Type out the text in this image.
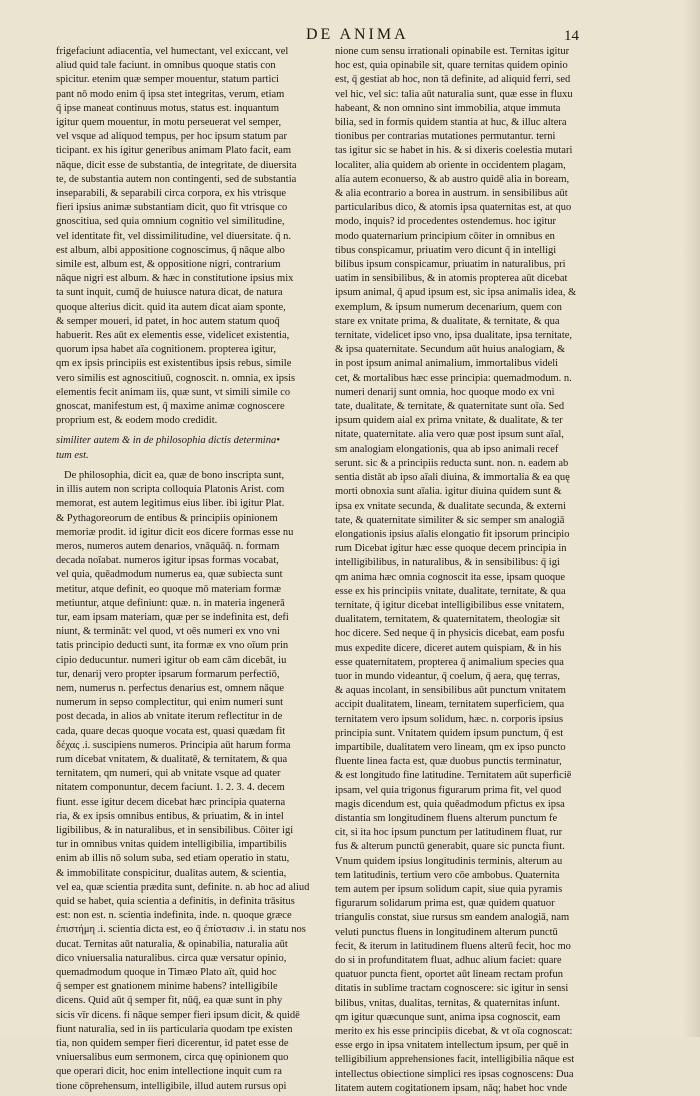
DE ANIMA	14
frigefaciunt adiacentia, vel humectant, vel exiccant, vel
aliud quid tale faciunt. in omnibus quoque statis con
spicitur. etenim quæ semper mouentur, statum partici
pant nō modo enim q̄ ipsa stet integritas, verum, etiam
q̄ ipse maneat continuus motus, status est. inquantum
igitur quem mouentur, in motu perseuerat vel semper,
vel vsque ad aliquod tempus, per hoc ipsum statum par
ticipant. ex his igitur generibus animam Plato facit, eam
nāque, dicit esse de substantia, de integritate, de diuersita
te, de substantia autem non contingenti, sed de substantia
inseparabili, & separabili circa corpora, ex his vtrisque
fieri ipsius animæ substantiam dicit, quo fit vtrisque co
gnoscitiua, sed quia omnium cognitio vel similitudine,
vel identitate fit, vel dissimilitudine, vel diuersitate. q̄ n.
est album, albi appositione cognoscimus, q̄ nāque albo
simile est, album est, & oppositione nigri, contrarium
nāque nigri est album. & hæc in constitutione ipsius mix
ta sunt inquit, cumq̄ de huiusce natura dicat, de natura
quoque alterius dicit. quid ita autem dicat aiam sponte,
& semper moueri, id patet, in hoc autem statum quoq̄
habuerit. Res aūt ex elementis esse, videlicet existentia,
quorum ipsa habet aīa cognitionem. propterea igitur,
qm ex ipsis principiis est existentibus ipsis rebus, simile
vero similis est agnoscitiuū, cognoscit. n. omnia, ex ipsis
elementis fecit animam iis, quæ sunt, vt simili simile co
gnoscat, manifestum est, q̄ maxime animæ cognoscere
proprium est, & eodem modo credidit.
similiter autem & in de philosophia dictis determina•
tum est.
De philosophia, dicit ea, quæ de bono inscripta sunt,
in illis autem non scripta colloquia Platonis Arist. com
memorat, est autem legitimus eius liber. ibi igitur Plat.
& Pythagoreorum de entibus & principiis opinionem
memoriæ prodit. id igitur dicit eos dicere formas esse nu
meros, numeros autem denarios, vnāquāq̄. n. formam
decada noīabat. numeros igitur ipsas formas vocabat,
vel quia, quēadmodum numerus ea, quæ subiecta sunt
metitur, atque definit, eo quoque mō materiam formæ
metiuntur, atque definiunt: quæ. n. in materia ingenerā
tur, eam ipsam materiam, quæ per se indefinita est, defi
niunt, & termināt: vel quod, vt oēs numeri ex vno vni
tatis principio deducti sunt, ita formæ ex vno oīum prin
cipio deducuntur. numeri igitur ob eam cām dicebāt, iu
tur, denarij vero propter ipsarum formarum perfectiō,
nem, numerus n. perfectus denarius est, omnem nāque
numerum in sepso complectitur, qui enim numeri sunt
post decada, in alios ab vnitate iterum reflectitur in de
cada, quare decas quoque vocata est, quasi quædam fit
δέχας .i. suscipiens numeros. Principia aūt harum forma
rum dicebat vnitatem, & dualitatē, & ternitatem, & qua
ternitatem, qm numeri, qui ab vnitate vsque ad quater
nitatem componuntur, decem faciunt. 1. 2. 3. 4. decem
fiunt. esse igitur decem dicebat hæc principia quaterna
ria, & ex ipsis omnibus entibus, & priuatim, & in intel
ligibilibus, & in naturalibus, et in sensibilibus. Cōiter igi
tur in omnibus vnitas quidem intelligibilia, impartibilis
enim ab illis nō solum suba, sed etiam operatio in statu,
& immobilitate conspicitur, dualitas autem, & scientia,
vel ea, quæ scientia prædita sunt, definite. n. ab hoc ad aliud
quid se habet, quia scientia a definitis, in definita trāsitus
est: non est. n. scientia indefinita, inde. n. quoque græce
ἐπιστήμη .i. scientia dicta est, eo q̄ ἐπίστασιν .i. in statu nos
ducat. Ternitas aūt naturalia, & opinabilia, naturalia aūt
dico vniuersalia naturalibus. circa quæ versatur opinio,
quemadmodum quoque in Timæo Plato aït, quid hoc
q̄ semper est gnationem minime habens? intelligibile
dicens. Quid aūt q̄ semper fit, nūq̄, ea quæ sunt in phy
sicis vīr dicens. fi nāque semper fieri ipsum dicit, & quidē
fiunt naturalia, sed in iis particularia quodam tpe existen
tia, non quidem semper fieri dicerentur, id patet esse de
vniuersalibus eum sermonem, circa quę opinionem quo
que operari dicit, hoc enim intellectione inquit cum ra
tione cōprehensum, intelligibile, illud autem rursus opi
nione cum sensu irrationali opinabile est. Ternitas igitur
hoc est, quia opinabile sit, quare ternitas quidem opinio
est, q̄ gestiat ab hoc, non tā definite, ad aliquid ferri, sed
vel hic, vel sic: talia aūt naturalia sunt, quæ esse in fluxu
habeant, & non omnino sint immobilia, atque immuta
bilia, sed in formis quidem stantia at huc, & illuc altera
tionibus per contrarias mutationes permutantur. terni
tas igitur sic se habet in his. & si dixeris coelestia mutari
localiter, alia quidem ab oriente in occidentem plagam,
alia autem econuerso, & ab austro quidē alia in boream,
& alia econtrario a borea in austrum. in sensibilibus aūt
particularibus dico, & atomis ipsa quaternitas est, at quo
modo, inquis? id procedentes ostendemus. hoc igitur
modo quaternarium principium cōiter in omnibus en
tibus conspicamur, priuatim vero dicunt q̄ in intelligi
bilibus ipsum conspicamur, priuatim in naturalibus, pri
uatim in sensibilibus, & in atomis propterea aūt dicebat
ipsum animal, q̄ apud ipsum est, sic ipsa animalis idea, &
exemplum, & ipsum numerum decenarium, quem con
stare ex vnitate prima, & dualitate, & ternitate, & qua
ternitate, videlicet ipso vno, ipsa dualitate, ipsa ternitate,
& ipsa quaternitate. Secundum aūt huius analogiam, &
in post ipsum animal animalium, immortalibus videli
cet, & mortalibus hæc esse principia: quemadmodum. n.
numeri denarij sunt omnia, hoc quoque modo ex vni
tate, dualitate, & ternitate, & quaternitate sunt oīa. Sed
ipsum quidem aial ex prima vnitate, & dualitate, & ter
nitate, quaternitate. alia vero quæ post ipsum sunt aīal,
sm analogiam elongationis, qua ab ipso animali recef
serunt. sic & a principiis reducta sunt. non. n. eadem ab
sentia distāt ab ipso aīali diuina, & immortalia & ea quę
morti obnoxia sunt aīalia. igitur diuina quidem sunt &
ipsa ex vnitate secunda, & dualitate secunda, & externi
tate, & quaternitate similiter & sic semper sm analogiā
elongationis ipsius aīalis elongatio fit ipsorum principio
rum Dicebat igitur hæc esse quoque decem principia in
intelligibilibus, in naturalibus, & in sensibilibus: q̄ igi
qm anima hæc omnia cognoscit ita esse, ipsam quoque
esse ex his principiis vnitate, dualitate, ternitate, & qua
ternitate, q̄ igitur dicebat intelligibilibus esse vnitatem,
dualitatem, ternitatem, & quaternitatem, theologiæ sit
hoc dicere. Sed neque q̄ in physicis dicebat, eam posfu
mus expedite dicere, diceret autem quispiam, & in his
esse quaternitatem, propterea q̄ animalium species qua
tuor in mundo videantur, q̄ coelum, q̄ aera, quę terras,
& aquas incolant, in sensibilibus aūt punctum vnitatem
accipit dualitatem, lineam, ternitatem superficiem, qua
ternitatem vero ipsum solidum, hæc. n. corporis ipsius
principia sunt. Vnitatem quidem ipsum punctum, q̄ est
impartibile, dualitatem vero lineam, qm ex ipso puncto
fluente linea facta est, quæ duobus punctis terminatur,
& est longitudo fine latitudine. Ternitatem aūt superficiē
ipsam, vel quia trigonus figurarum prima fit, vel quod
magis dicendum est, quia quēadmodum pfictus ex ipsa
distantia sm longitudinem fluens alterum punctum fe
cit, si ita hoc ipsum punctum per latitudinem fluat, rur
fus & alterum punctū generabit, quare sic puncta fiunt.
Vnum quidem ipsius longitudinis terminis, alterum au
tem latitudinis, tertium vero cōe ambobus. Quaternita
tem autem per ipsum solidum capit, siue quia pyramis
figurarum solidarum prima est, quæ quidem quatuor
triangulis constat, siue rursus sm eandem analogiā, nam
veluti punctus fluens in longitudinem alterum punctū
fecit, & iterum in latitudinem fluens alterū fecit, hoc mo
do si in profunditatem fluat, adhuc alium faciet: quare
quatuor puncta fient, oportet aūt lineam rectam profun
ditatis in sublime tractam cognoscere: sic igitur in sensi
bilibus, vnitas, dualitas, ternitas, & quaternitas inſunt.
qm igitur quæcunque sunt, anima ipsa cognoscit, eam
merito ex his esse principiis dicebat, & vt oīa cognoscat:
esse ergo in ipsa vnitatem intellectum ipsum, per quē in
telligibilium apprehensiones facit, intelligibilia nāque est
intellectus obiectione simplici res ipsas cognoscens: Dua
litatem autem cogitationem ipsam, nāq; habet hoc vnde
